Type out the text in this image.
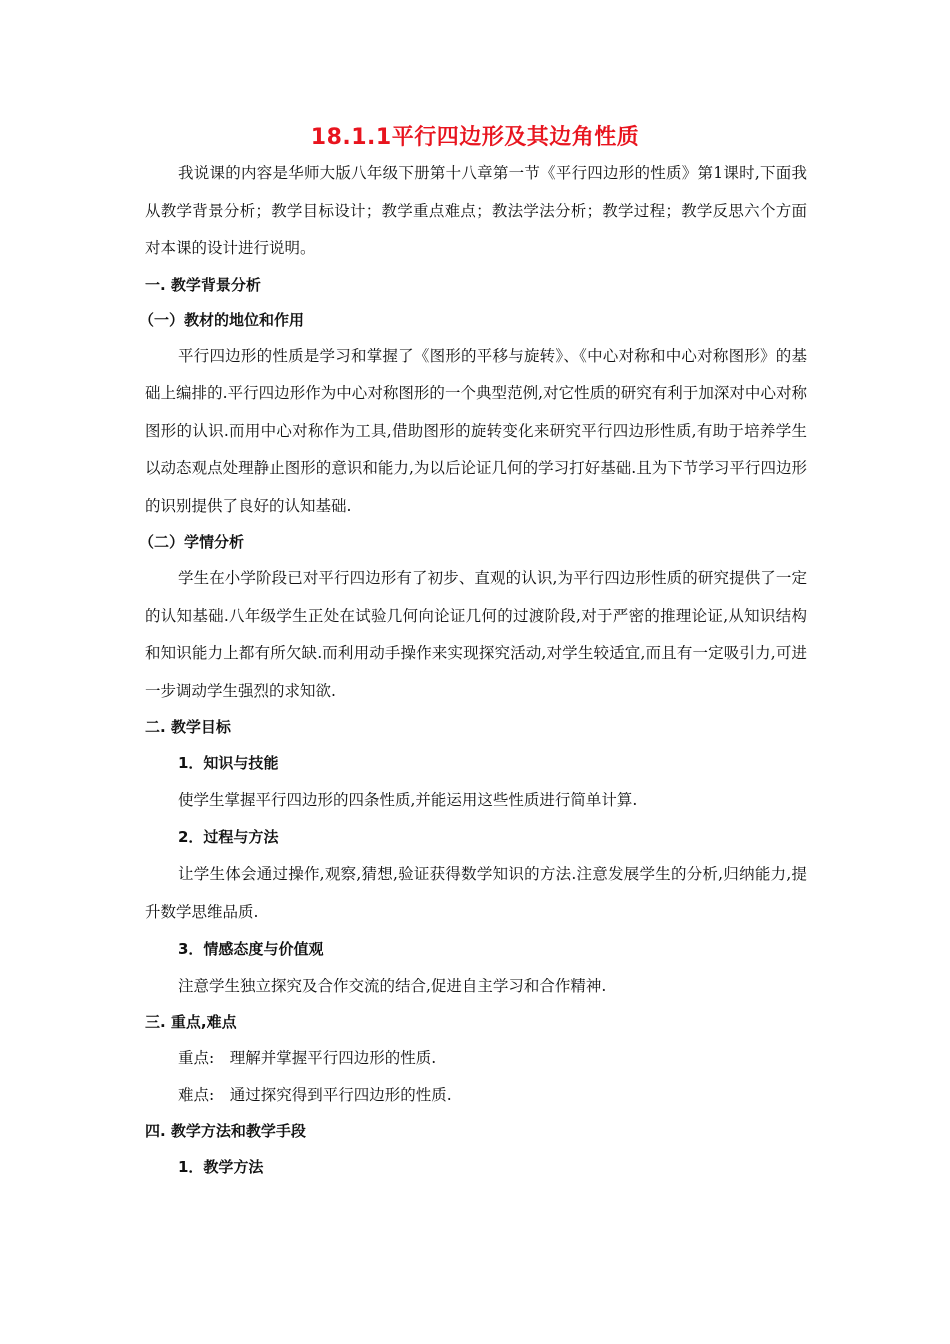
18.1.1平行四边形及其边角性质

我说课的内容是华师大版八年级下册第十八章第一节《平行四边形的性质》第1课时,下面我从教学背景分析；教学目标设计；教学重点难点；教法学法分析；教学过程；教学反思六个方面对本课的设计进行说明。

一. 教学背景分析

（一）教材的地位和作用

平行四边形的性质是学习和掌握了《图形的平移与旋转》、《中心对称和中心对称图形》的基础上编排的.平行四边形作为中心对称图形的一个典型范例,对它性质的研究有利于加深对中心对称图形的认识.而用中心对称作为工具,借助图形的旋转变化来研究平行四边形性质,有助于培养学生以动态观点处理静止图形的意识和能力,为以后论证几何的学习打好基础.且为下节学习平行四边形的识别提供了良好的认知基础.

（二）学情分析

学生在小学阶段已对平行四边形有了初步、直观的认识,为平行四边形性质的研究提供了一定的认知基础.八年级学生正处在试验几何向论证几何的过渡阶段,对于严密的推理论证,从知识结构和知识能力上都有所欠缺.而利用动手操作来实现探究活动,对学生较适宜,而且有一定吸引力,可进一步调动学生强烈的求知欲.

二. 教学目标

1．知识与技能

使学生掌握平行四边形的四条性质,并能运用这些性质进行简单计算.

2．过程与方法

让学生体会通过操作,观察,猜想,验证获得数学知识的方法.注意发展学生的分析,归纳能力,提升数学思维品质.

3．情感态度与价值观

注意学生独立探究及合作交流的结合,促进自主学习和合作精神.

三. 重点,难点

重点:　理解并掌握平行四边形的性质.

难点:　通过探究得到平行四边形的性质.

四. 教学方法和教学手段

1．教学方法
